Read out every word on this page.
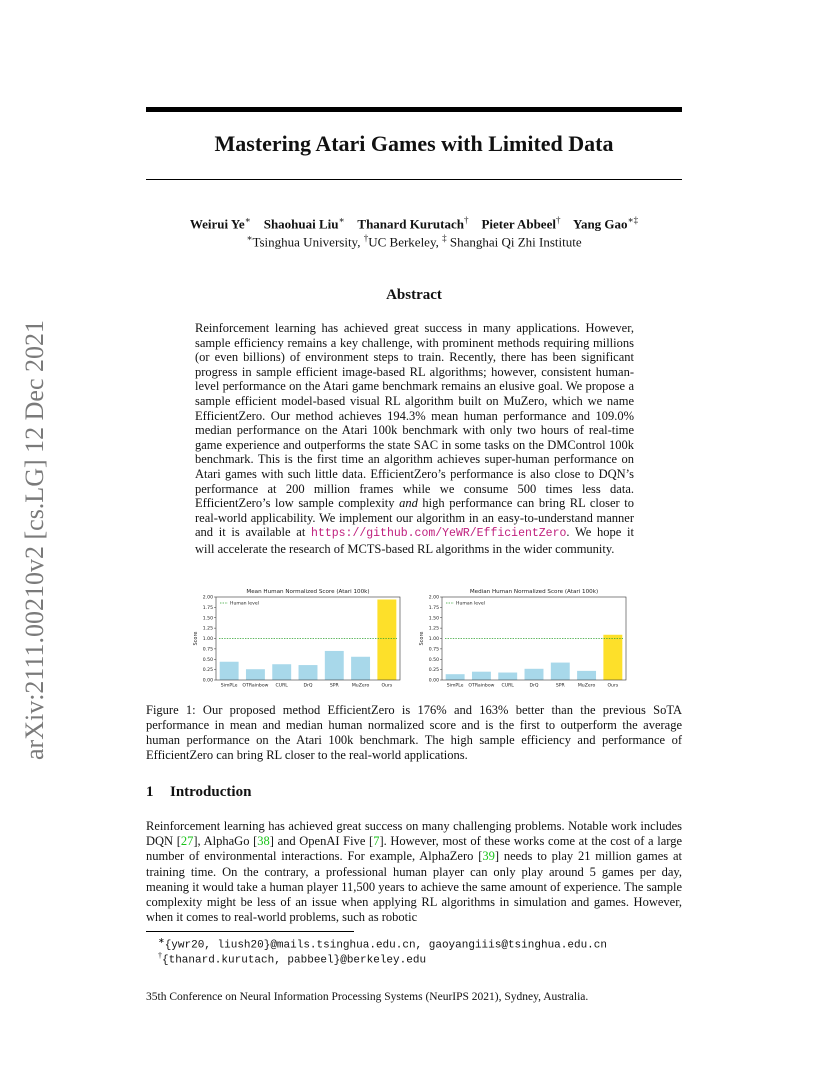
arXiv:2111.00210v2 [cs.LG] 12 Dec 2021
Mastering Atari Games with Limited Data
Weirui Ye∗ Shaohuai Liu∗ Thanard Kurutach† Pieter Abbeel† Yang Gao∗‡
∗Tsinghua University, †UC Berkeley, ‡ Shanghai Qi Zhi Institute
Abstract
Reinforcement learning has achieved great success in many applications. However, sample efficiency remains a key challenge, with prominent methods requiring millions (or even billions) of environment steps to train. Recently, there has been significant progress in sample efficient image-based RL algorithms; however, consistent human-level performance on the Atari game benchmark remains an elusive goal. We propose a sample efficient model-based visual RL algorithm built on MuZero, which we name EfficientZero. Our method achieves 194.3% mean human performance and 109.0% median performance on the Atari 100k benchmark with only two hours of real-time game experience and outperforms the state SAC in some tasks on the DMControl 100k benchmark. This is the first time an algorithm achieves super-human performance on Atari games with such little data. EfficientZero’s performance is also close to DQN’s performance at 200 million frames while we consume 500 times less data. EfficientZero’s low sample complexity and high performance can bring RL closer to real-world applicability. We implement our algorithm in an easy-to-understand manner and it is available at https://github.com/YeWR/EfficientZero. We hope it will accelerate the research of MCTS-based RL algorithms in the wider community.
Mean Human Normalized Score (Atari 100k)
Score
0.00
0.25
0.50
0.75
1.00
1.25
1.50
1.75
2.00
SimPLe OTRainbow CURL	DrQ	SPR	MuZero	Ours
Human level
Median Human Normalized Score (Atari 100k)
Score
0.00
0.25
0.50
0.75
1.00
1.25
1.50
1.75
2.00
SimPLe OTRainbow CURL	DrQ	SPR	MuZero	Ours
Human level
Figure 1: Our proposed method EfficientZero is 176% and 163% better than the previous SoTA performance in mean and median human normalized score and is the first to outperform the average human performance on the Atari 100k benchmark. The high sample efficiency and performance of EfficientZero can bring RL closer to the real-world applications.
1 Introduction
Reinforcement learning has achieved great success on many challenging problems. Notable work includes DQN [27], AlphaGo [38] and OpenAI Five [7]. However, most of these works come at the cost of a large number of environmental interactions. For example, AlphaZero [39] needs to play 21 million games at training time. On the contrary, a professional human player can only play around 5 games per day, meaning it would take a human player 11,500 years to achieve the same amount of experience. The sample complexity might be less of an issue when applying RL algorithms in simulation and games. However, when it comes to real-world problems, such as robotic
∗{ywr20, liush20}@mails.tsinghua.edu.cn, gaoyangiiis@tsinghua.edu.cn
†{thanard.kurutach, pabbeel}@berkeley.edu
35th Conference on Neural Information Processing Systems (NeurIPS 2021), Sydney, Australia.
